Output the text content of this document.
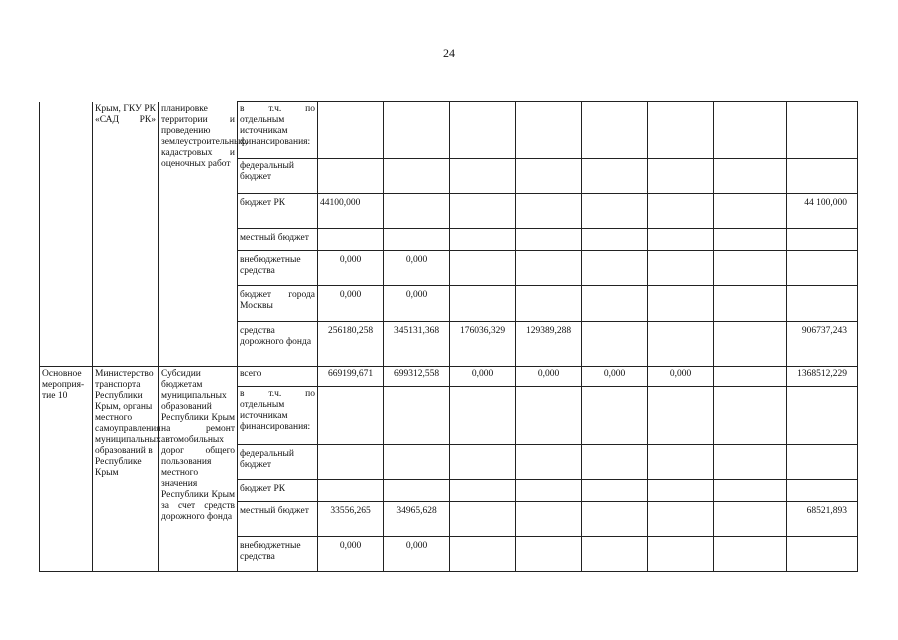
24
	Крым, ГКУ РК «САД РК»	планировке территории и проведению землеустроительных, кадастровых и оценочных работ	в т.ч. по отдельным источникам финансирования:								
			федеральный бюджет								
			бюджет РК	44100,000							44 100,000
			местный бюджет								
			внебюджетные средства	0,000	0,000						
			бюджет города Москвы	0,000	0,000						
			средства дорожного фонда	256180,258	345131,368	176036,329	129389,288				906737,243
Основное мероприя-тие 10	Министерство транспорта Республики Крым, органы местного самоуправления муниципальных образований в Республике Крым	Субсидии бюджетам муниципальных образований Республики Крым на ремонт автомобильных дорог общего пользования местного значения Республики Крым за счет средств дорожного фонда	всего	669199,671	699312,558	0,000	0,000	0,000	0,000		1368512,229
			в т.ч. по отдельным источникам финансирования:								
			федеральный бюджет								
			бюджет РК								
			местный бюджет	33556,265	34965,628						68521,893
			внебюджетные средства	0,000	0,000						
